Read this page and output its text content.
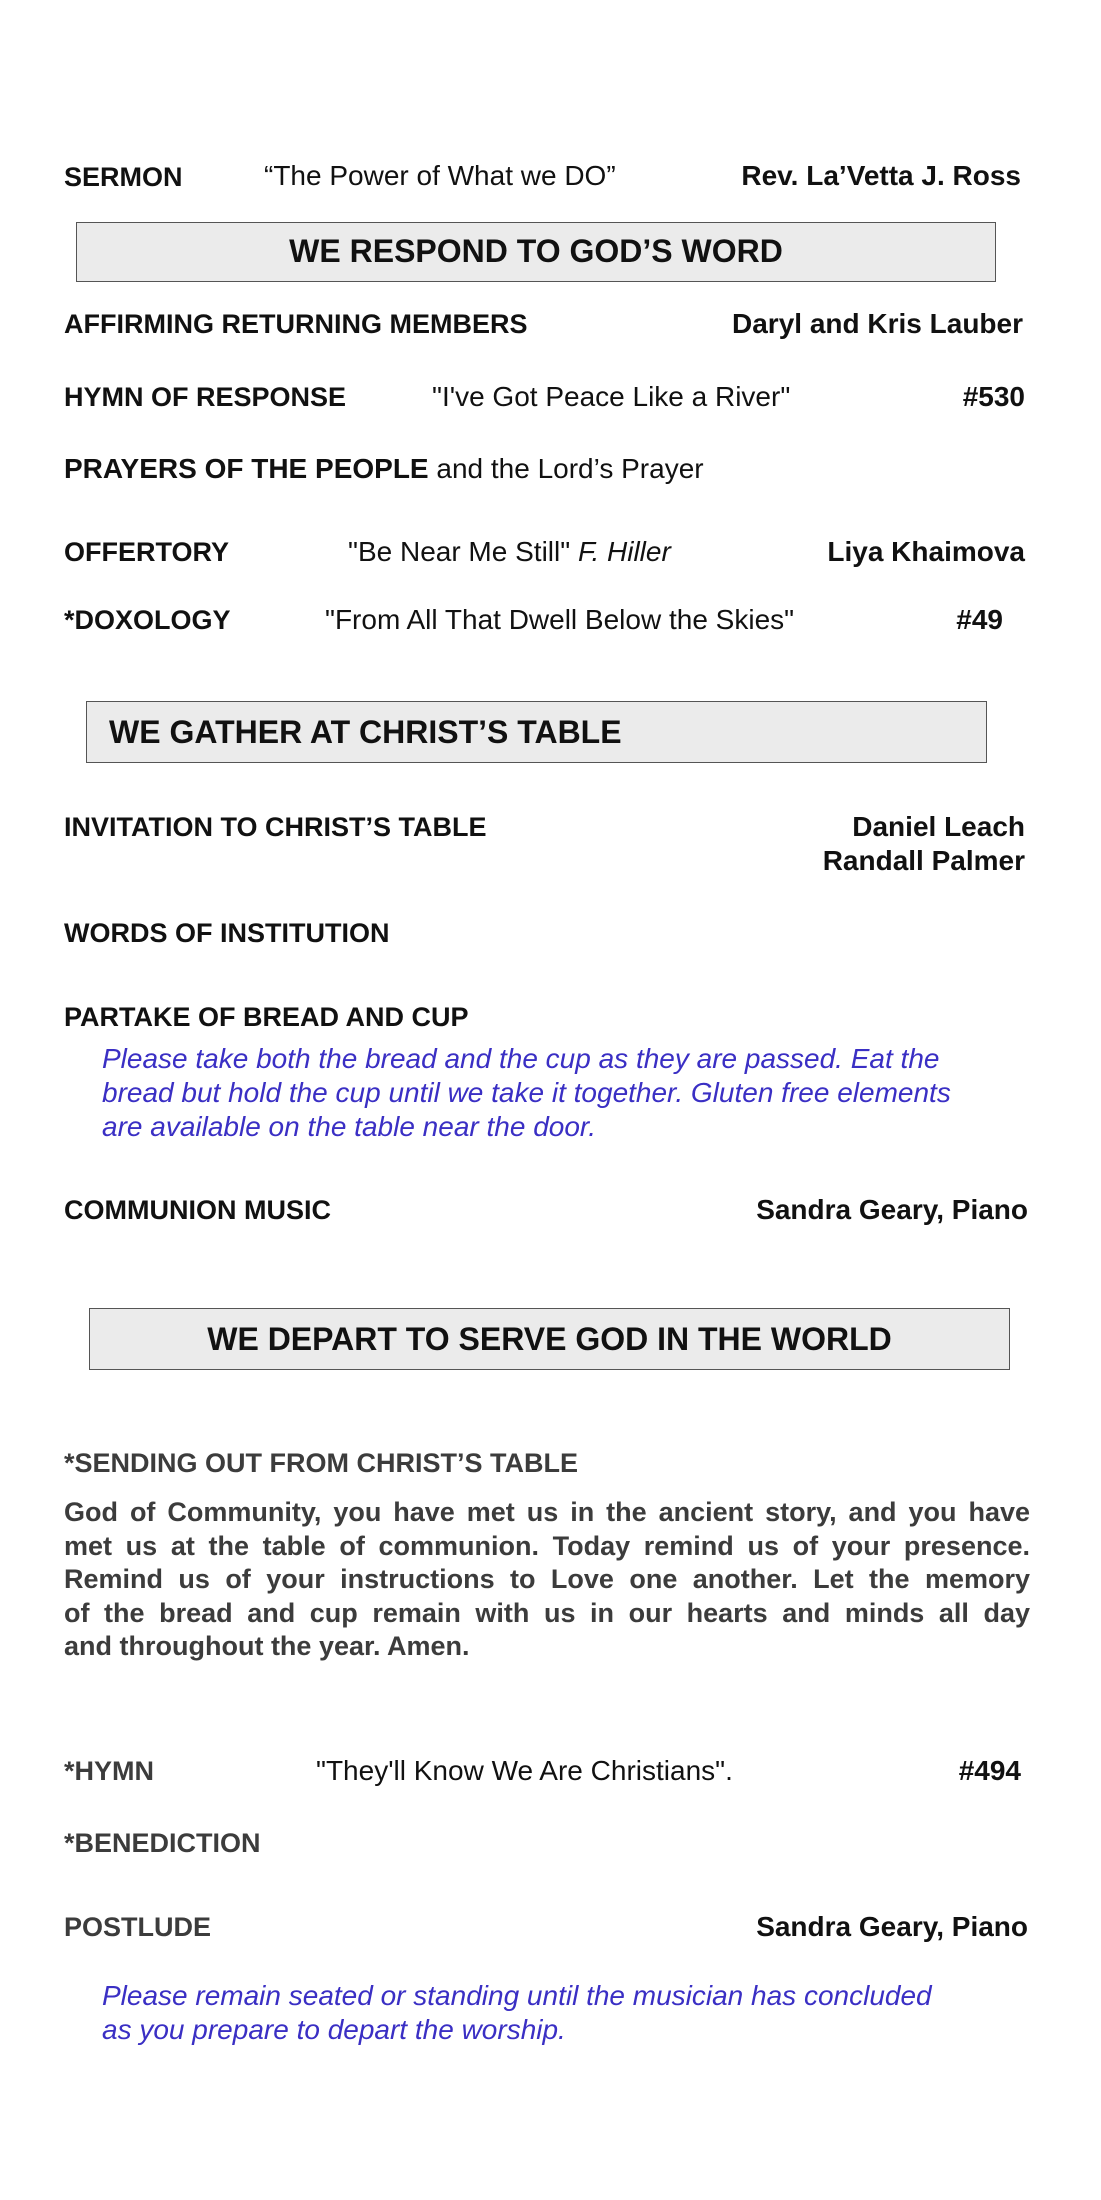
SERMON	“The Power of What we DO”	Rev. La’Vetta J. Ross
WE RESPOND TO GOD’S WORD
AFFIRMING RETURNING MEMBERS	Daryl and Kris Lauber
HYMN OF RESPONSE	"I've Got Peace Like a River"	#530
PRAYERS OF THE PEOPLE and the Lord’s Prayer
OFFERTORY	"Be Near Me Still" F. Hiller	Liya Khaimova
*DOXOLOGY	"From All That Dwell Below the Skies"	#49
WE GATHER AT CHRIST’S TABLE
INVITATION TO CHRIST’S TABLE	Daniel Leach
Randall Palmer
WORDS OF INSTITUTION
PARTAKE OF BREAD AND CUP
Please take both the bread and the cup as they are passed. Eat the
bread but hold the cup until we take it together. Gluten free elements
are available on the table near the door.
COMMUNION MUSIC	Sandra Geary, Piano
WE DEPART TO SERVE GOD IN THE WORLD
*SENDING OUT FROM CHRIST’S TABLE
God of Community, you have met us in the ancient story, and you have
met us at the table of communion. Today remind us of your presence.
Remind us of your instructions to Love one another. Let the memory
of the bread and cup remain with us in our hearts and minds all day
and throughout the year. Amen.
*HYMN	"They'll Know We Are Christians".	#494
*BENEDICTION
POSTLUDE	Sandra Geary, Piano
Please remain seated or standing until the musician has concluded
as you prepare to depart the worship.
